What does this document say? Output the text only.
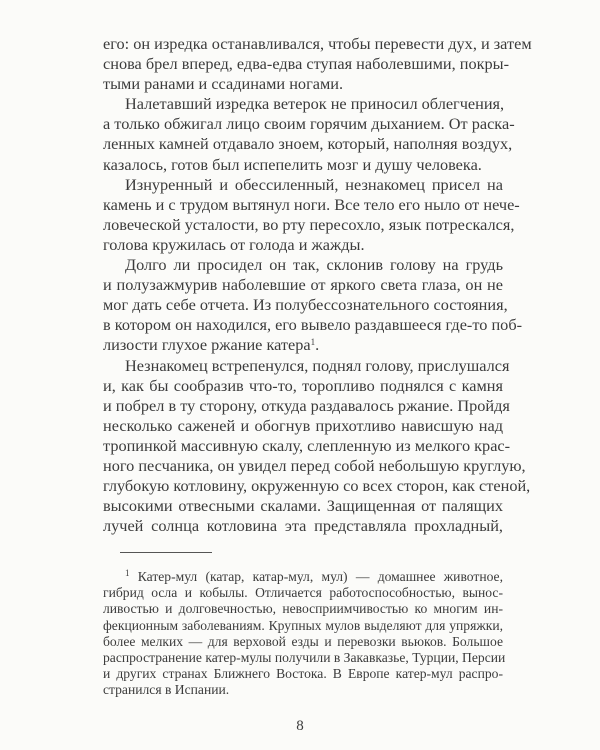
его: он изредка останавливался, чтобы перевести дух, и затем
снова брел вперед, едва-едва ступая наболевшими, покры-
тыми ранами и ссадинами ногами.
Налетавший изредка ветерок не приносил облегчения,
а только обжигал лицо своим горячим дыханием. От раска-
ленных камней отдавало зноем, который, наполняя воздух,
казалось, готов был испепелить мозг и душу человека.
Изнуренный и обессиленный, незнакомец присел на
камень и с трудом вытянул ноги. Все тело его ныло от нече-
ловеческой усталости, во рту пересохло, язык потрескался,
голова кружилась от голода и жажды.
Долго ли просидел он так, склонив голову на грудь
и полузажмурив наболевшие от яркого света глаза, он не
мог дать себе отчета. Из полубессознательного состояния,
в котором он находился, его вывело раздавшееся где-то поб-
лизости глухое ржание катера$^1$.
Незнакомец встрепенулся, поднял голову, прислушался
и, как бы сообразив что-то, торопливо поднялся с камня
и побрел в ту сторону, откуда раздавалось ржание. Пройдя
несколько саженей и обогнув прихотливо нависшую над
тропинкой массивную скалу, слепленную из мелкого крас-
ного песчаника, он увидел перед собой небольшую круглую,
глубокую котловину, окруженную со всех сторон, как стеной,
высокими отвесными скалами. Защищенная от палящих
лучей солнца котловина эта представляла прохладный,
$^1$ Катер-мул (катар, катар-мул, мул) — домашнее животное,
гибрид осла и кобылы. Отличается работоспособностью, вынос-
ливостью и долговечностью, невосприимчивостью ко многим ин-
фекционным заболеваниям. Крупных мулов выделяют для упряжки,
более мелких — для верховой езды и перевозки вьюков. Большое
распространение катер-мулы получили в Закавказье, Турции, Персии
и других странах Ближнего Востока. В Европе катер-мул распро-
странился в Испании.
8
